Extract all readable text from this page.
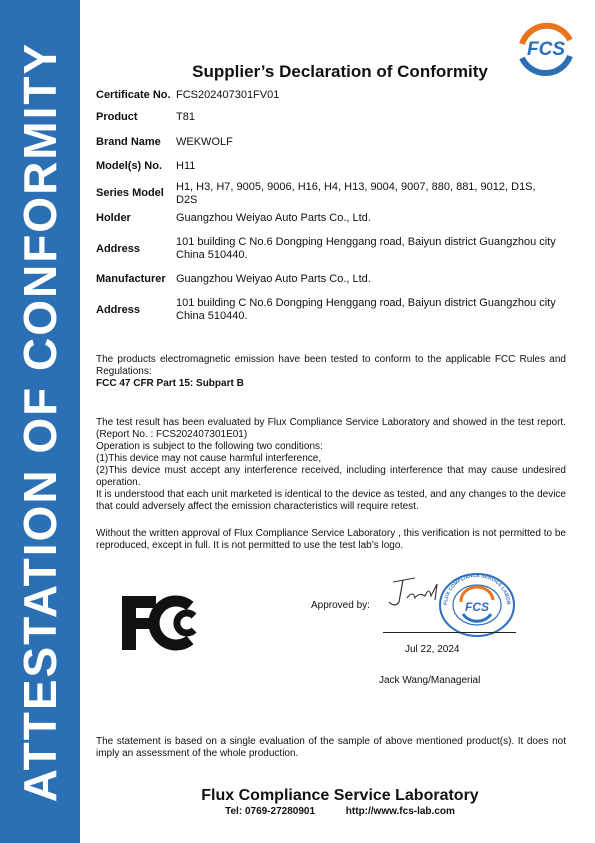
ATTESTATION OF CONFORMITY	FCS
Supplier’s Declaration of Conformity
Certificate No. FCS202407301FV01
Product	T81
Brand Name WEKWOLF
Model(s) No. H11
Series Model H1, H3, H7, 9005, 9006, H16, H4, H13, 9004, 9007, 880, 881, 9012, D1S, D2S
Holder	Guangzhou Weiyao Auto Parts Co., Ltd.
Address
101 building C No.6 Dongping Henggang road, Baiyun district Guangzhou city China 510440.
Manufacturer Guangzhou Weiyao Auto Parts Co., Ltd.
Address
101 building C No.6 Dongping Henggang road, Baiyun district Guangzhou city China 510440.

The products electromagnetic emission have been tested to conform to the applicable FCC Rules and Regulations:

FCC 47 CFR Part 15: Subpart B

The test result has been evaluated by Flux Compliance Service Laboratory and showed in the test report. (Report No. : FCS202407301E01)

Operation is subject to the following two conditions:

(1)This device may not cause harmful interference,

(2)This device must accept any interference received, including interference that may cause undesired operation.

It is understood that each unit marketed is identical to the device as tested, and any changes to the device that could adversely affect the emission characteristics will require retest.

Without the written approval of Flux Compliance Service Laboratory , this verification is not permitted to be reproduced, except in full. It is not permitted to use the test lab’s logo.
FC
Approved by:
Jack
FLUX COMPLIANCE SERVICE LABOR
FCS
Jul 22, 2024
Jack Wang/Managerial
The statement is based on a single evaluation of the sample of above mentioned product(s). It does not imply an assessment of the whole production.
Flux Compliance Service Laboratory
Tel: 0769-27280901	http://www.fcs-lab.com
